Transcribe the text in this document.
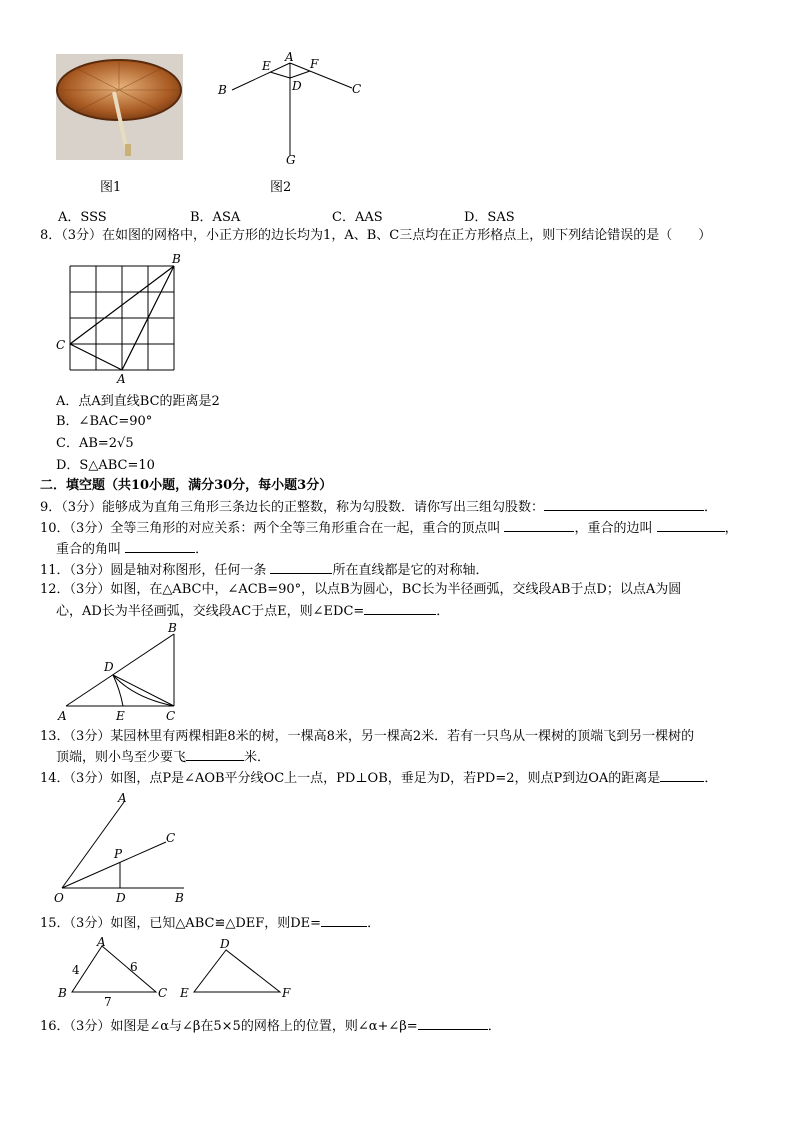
图1
A
E	F
B	D	C
G
图2
A．SSS	B．ASA	C．AAS	D．SAS
8．（3分）在如图的网格中，小正方形的边长均为1，A、B、C三点均在正方形格点上，则下列结论错误的是（　　）
B
C
A
A．点A到直线BC的距离是2
B．∠BAC=90°
C．AB=2√5
D．S△ABC=10
二．填空题（共10小题，满分30分，每小题3分）
9．（3分）能够成为直角三角形三条边长的正整数，称为勾股数．请你写出三组勾股数：	．
10．（3分）全等三角形的对应关系：两个全等三角形重合在一起，重合的顶点叫	，重合的边叫	，
重合的角叫	．
11．（3分）圆是轴对称图形，任何一条	所在直线都是它的对称轴．
12．（3分）如图，在△ABC中，∠ACB=90°，以点B为圆心，BC长为半径画弧，交线段AB于点D；以点A为圆
心，AD长为半径画弧，交线段AC于点E，则∠EDC=	．
B
D
A	E	C
13．（3分）某园林里有两棵相距8米的树，一棵高8米，另一棵高2米．若有一只鸟从一棵树的顶端飞到另一棵树的
顶端，则小鸟至少要飞	米．
14．（3分）如图，点P是∠AOB平分线OC上一点，PD⊥OB，垂足为D，若PD=2，则点P到边OA的距离是	．
A
C
P
O	D	B
15．（3分）如图，已知△ABC≌△DEF，则DE=	．
A
4	6
B
7
C
D
E	F
16．（3分）如图是∠α与∠β在5×5的网格上的位置，则∠α+∠β=	．
